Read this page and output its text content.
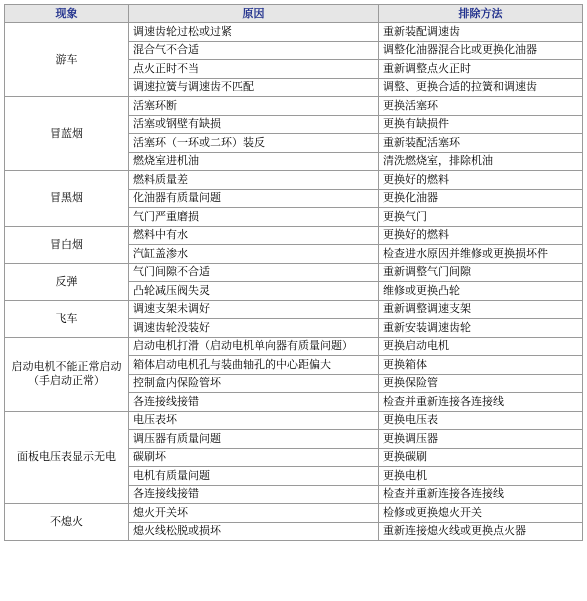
现象	原因	排除方法
游车	调速齿轮过松或过紧	重新装配调速齿
	混合气不合适	调整化油器混合比或更换化油器
	点火正时不当	重新调整点火正时
	调速拉簧与调速齿不匹配	调整、更换合适的拉簧和调速齿
冒蓝烟	活塞环断	更换活塞环
	活塞或钢壁有缺损	更换有缺损件
	活塞环（一环或二环）装反	重新装配活塞环
	燃烧室进机油	清洗燃烧室，排除机油
冒黑烟	燃料质量差	更换好的燃料
	化油器有质量问题	更换化油器
	气门严重磨损	更换气门
冒白烟	燃料中有水	更换好的燃料
	汽缸盖渗水	检查进水原因并维修或更换损坏件
反弹	气门间隙不合适	重新调整气门间隙
	凸轮减压阀失灵	维修或更换凸轮
飞车	调速支架未调好	重新调整调速支架
	调速齿轮没装好	重新安装调速齿轮
启动电机不能正常启动（手启动正常）	启动电机打滑（启动电机单向器有质量问题）	更换启动电机
	箱体启动电机孔与装曲轴孔的中心距偏大	更换箱体
	控制盒内保险管坏	更换保险管
	各连接线接错	检查并重新连接各连接线
面板电压表显示无电	电压表坏	更换电压表
	调压器有质量问题	更换调压器
	碳刷坏	更换碳刷
	电机有质量问题	更换电机
	各连接线接错	检查并重新连接各连接线
不熄火	熄火开关坏	检修或更换熄火开关
	熄火线松脱或损坏	重新连接熄火线或更换点火器
